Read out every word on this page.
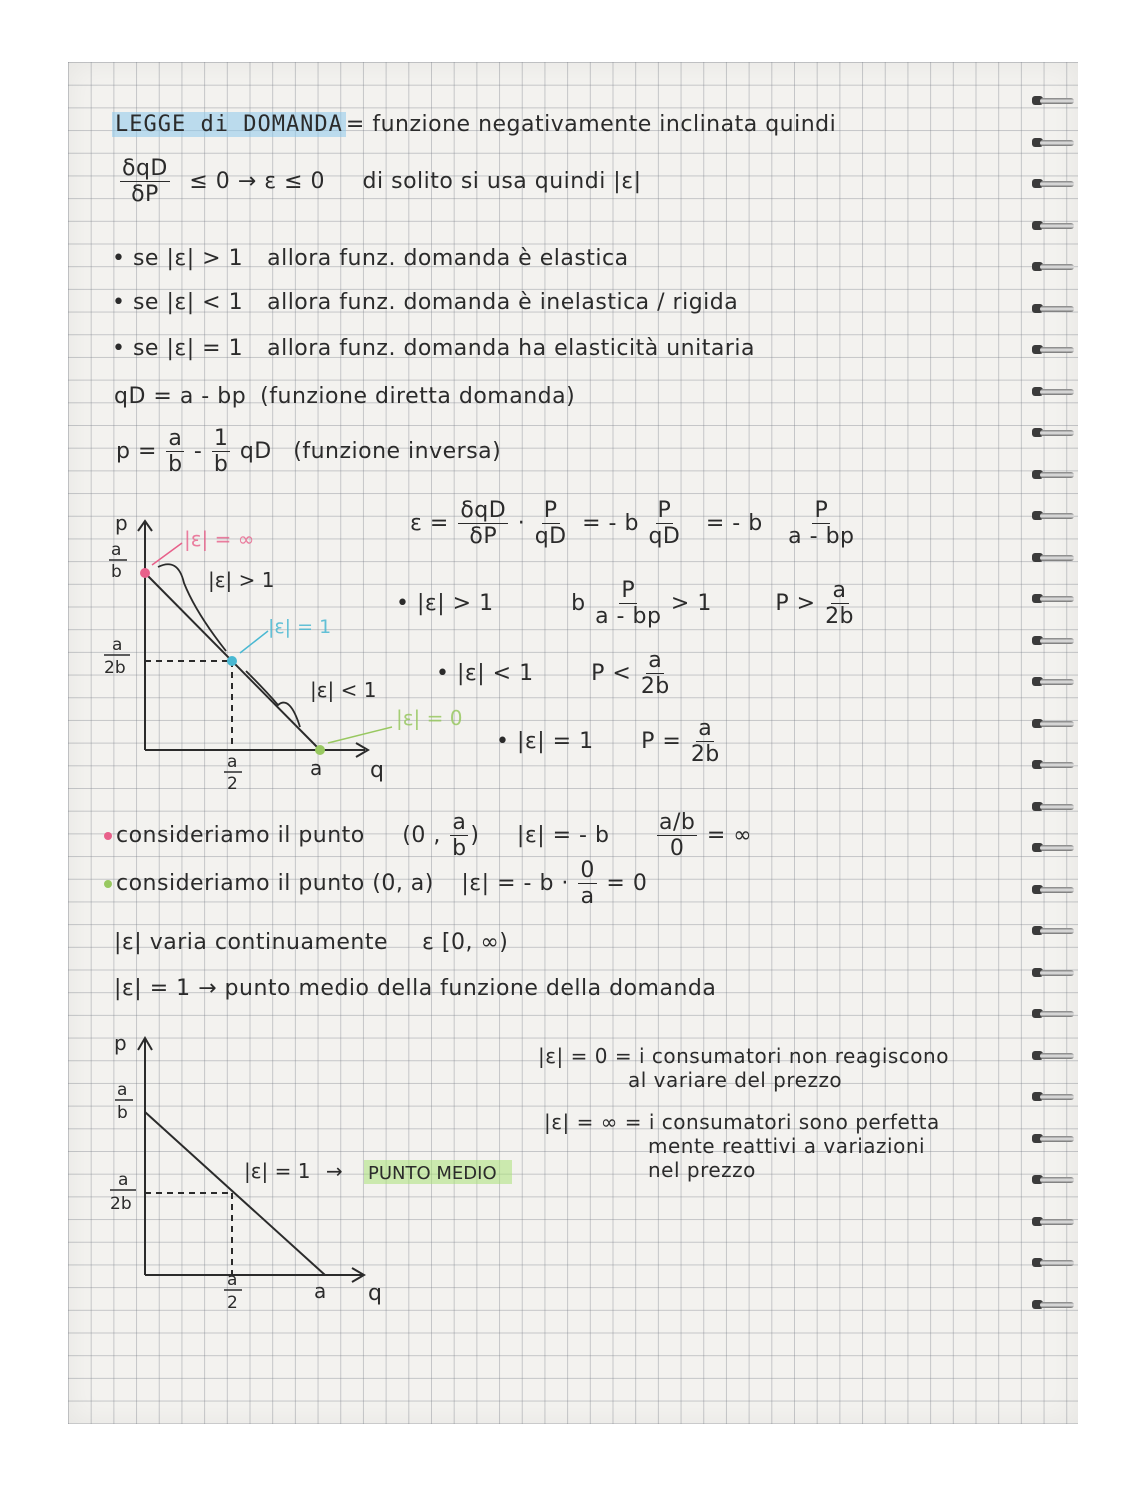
LEGGE di DOMANDA = funzione negativamente inclinata quindi
$\frac{\text{δqD}}{\delta P} \le 0 \to \varepsilon \le 0$ di solito si usa quindi |ε|
• se |ε| > 1 allora funz. domanda è elastica
• se |ε| < 1 allora funz. domanda è inelastica / rigida
• se |ε| = 1 allora funz. domanda ha elasticità unitaria
qD = a - bp (funzione diretta domanda)
$p = \frac{a}{b} - \frac{1}{b}$ qD (funzione inversa)
p
q
a
b
a
2b
a
2
a
|ε| = ∞
|ε| > 1
|ε| = 1
|ε| < 1
|ε| = 0
$\varepsilon = \frac{\text{δqD}}{\delta P} \cdot \frac{P}{qD}$ = - b $\frac{P}{qD}$ = - b $\frac{P}{a - bp}$
• |ε| > 1	b $\frac{P}{a - bp} > 1$	$P > \frac{a}{2b}$
• |ε| < 1	$P < \frac{a}{2b}$
• |ε| = 1 $P = \frac{a}{2b}$
consideriamo il punto (0 , $\frac{a}{b}$ ) |ε| = - b $\frac{a/b}{0}$ = ∞
consideriamo il punto (0, a) |ε| = - $b \cdot \frac{0}{a} = 0$
|ε| varia continuamente ε [0, ∞)
|ε| = 1 → punto medio della funzione della domanda
p
q
a
b
a
2b
a
2	a
|ε| = 1 → PUNTO MEDIO
|ε| = 0 = i consumatori non reagiscono
al variare del prezzo
|ε| = ∞ = i consumatori sono perfetta
mente reattivi a variazioni
nel prezzo
